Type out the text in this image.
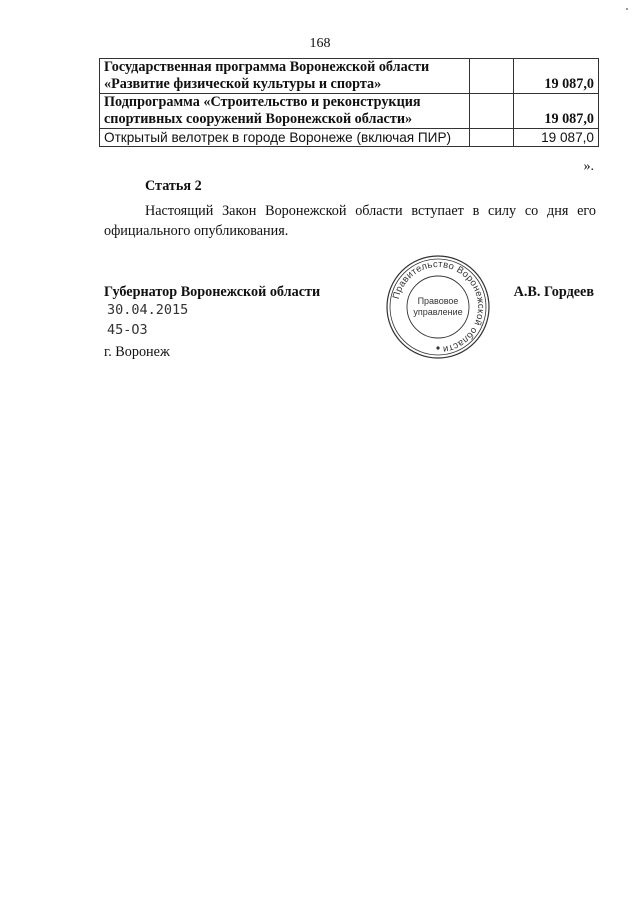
168
Государственная программа Воронежской области
«Развитие физической культуры и спорта»		19 087,0

Подпрограмма «Строительство и реконструкция
спортивных сооружений Воронежской области»		19 087,0
Открытый велотрек в городе Воронеже (включая ПИР)		19 087,0
».
Статья 2

Настоящий Закон Воронежской области вступает в силу со дня его официального опубликования.

Губернатор Воронежской области	А.В. Гордеев
30.04.2015
45-ОЗ
г. Воронеж
Правительство Воронежской области
Правовое
управление
